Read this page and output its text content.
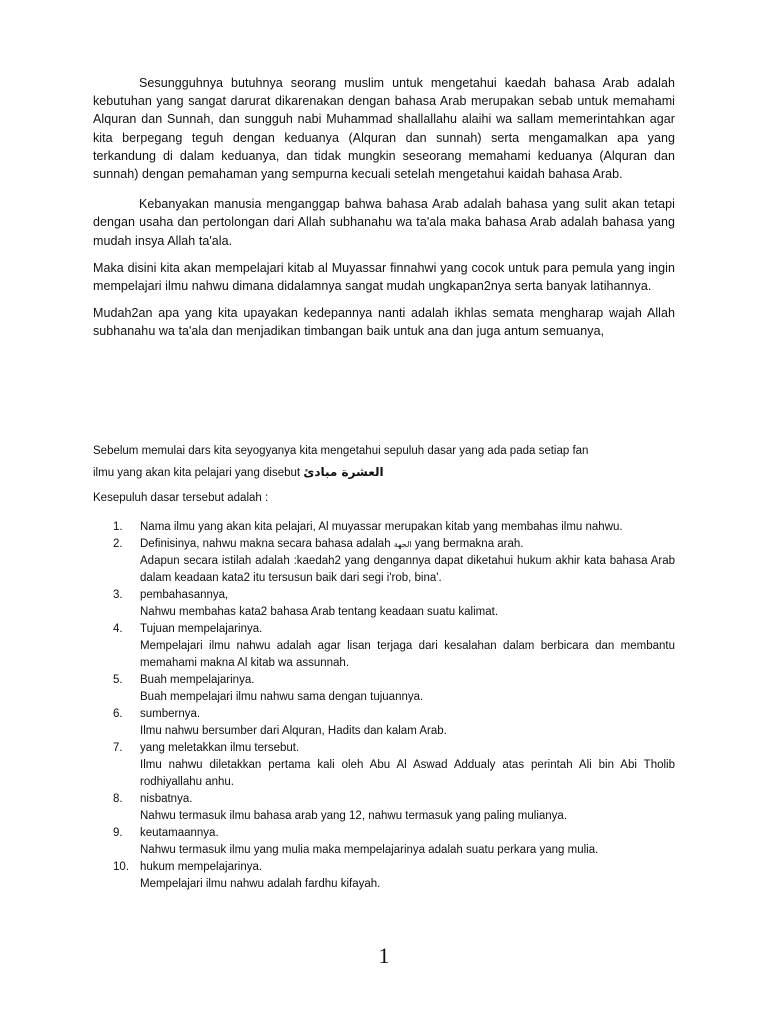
Sesungguhnya butuhnya seorang muslim untuk mengetahui kaedah bahasa Arab adalah kebutuhan yang sangat darurat dikarenakan dengan bahasa Arab merupakan sebab untuk memahami Alquran dan Sunnah, dan sungguh nabi Muhammad shallallahu alaihi wa sallam memerintahkan agar kita berpegang teguh dengan keduanya (Alquran dan sunnah) serta mengamalkan apa yang terkandung di dalam keduanya, dan tidak mungkin seseorang memahami keduanya (Alquran dan sunnah) dengan pemahaman yang sempurna kecuali setelah mengetahui kaidah bahasa Arab.

Kebanyakan manusia menganggap bahwa bahasa Arab adalah bahasa yang sulit akan tetapi dengan usaha dan pertolongan dari Allah subhanahu wa ta'ala maka bahasa Arab adalah bahasa yang mudah insya Allah ta'ala.

Maka disini kita akan mempelajari kitab al Muyassar finnahwi yang cocok untuk para pemula yang ingin mempelajari ilmu nahwu dimana didalamnya sangat mudah ungkapan2nya serta banyak latihannya.

Mudah2an apa yang kita upayakan kedepannya nanti adalah ikhlas semata mengharap wajah Allah subhanahu wa ta'ala dan menjadikan timbangan baik untuk ana dan juga antum semuanya,

Sebelum memulai dars kita seyogyanya kita mengetahui sepuluh dasar yang ada pada setiap fan

ilmu yang akan kita pelajari yang disebut العشرة مبادئ

Kesepuluh dasar tersebut adalah :

1. Nama ilmu yang akan kita pelajari, Al muyassar merupakan kitab yang membahas ilmu nahwu.
2. Definisinya, nahwu makna secara bahasa adalah الجهة yang bermakna arah.
Adapun secara istilah adalah :kaedah2 yang dengannya dapat diketahui hukum akhir kata bahasa Arab dalam keadaan kata2 itu tersusun baik dari segi i'rob, bina'.
3. pembahasannya,
Nahwu membahas kata2 bahasa Arab tentang keadaan suatu kalimat.
4. Tujuan mempelajarinya.
Mempelajari ilmu nahwu adalah agar lisan terjaga dari kesalahan dalam berbicara dan membantu memahami makna Al kitab wa assunnah.
5. Buah mempelajarinya.
Buah mempelajari ilmu nahwu sama dengan tujuannya.
6. sumbernya.
Ilmu nahwu bersumber dari Alquran, Hadits dan kalam Arab.
7. yang meletakkan ilmu tersebut.
Ilmu nahwu diletakkan pertama kali oleh Abu Al Aswad Addualy atas perintah Ali bin Abi Tholib rodhiyallahu anhu.
8. nisbatnya.
Nahwu termasuk ilmu bahasa arab yang 12, nahwu termasuk yang paling mulianya.
9. keutamaannya.
Nahwu termasuk ilmu yang mulia maka mempelajarinya adalah suatu perkara yang mulia.
10. hukum mempelajarinya.
Mempelajari ilmu nahwu adalah fardhu kifayah.
1
